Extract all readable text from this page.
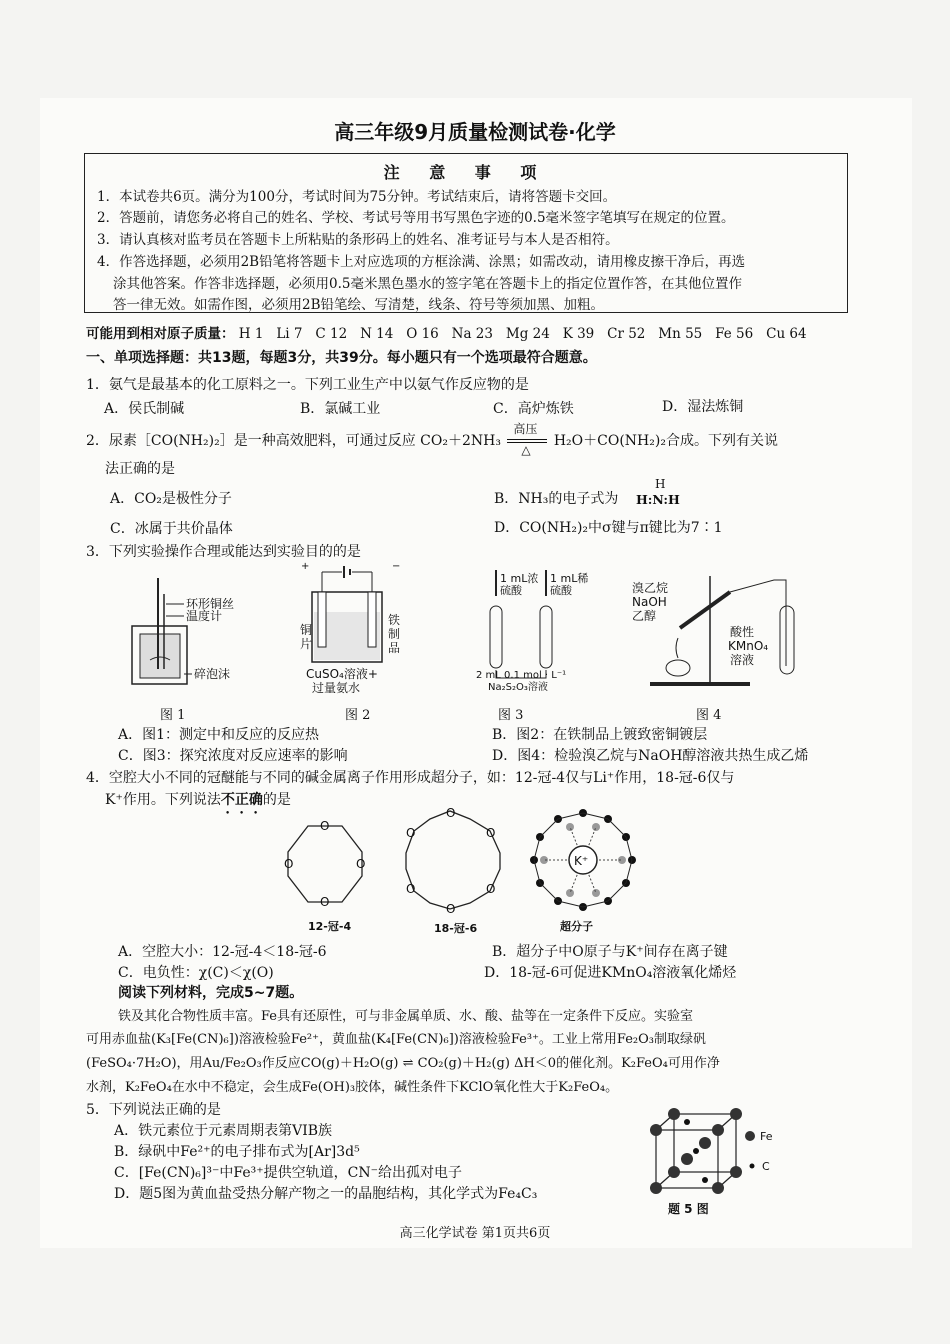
高三年级9月质量检测试卷·化学
注 意 事 项
1．本试卷共6页。满分为100分，考试时间为75分钟。考试结束后，请将答题卡交回。
2．答题前，请您务必将自己的姓名、学校、考试号等用书写黑色字迹的0.5毫米签字笔填写在规定的位置。
3．请认真核对监考员在答题卡上所粘贴的条形码上的姓名、准考证号与本人是否相符。
4．作答选择题，必须用2B铅笔将答题卡上对应选项的方框涂满、涂黑；如需改动，请用橡皮擦干净后，再选
涂其他答案。作答非选择题，必须用0.5毫米黑色墨水的签字笔在答题卡上的指定位置作答，在其他位置作
答一律无效。如需作图，必须用2B铅笔绘、写清楚，线条、符号等须加黑、加粗。
可能用到相对原子质量： H 1 Li 7 C 12 N 14 O 16 Na 23 Mg 24 K 39 Cr 52 Mn 55 Fe 56 Cu 64
一、单项选择题：共13题，每题3分，共39分。每小题只有一个选项最符合题意。
1．氨气是最基本的化工原料之一。下列工业生产中以氨气作反应物的是
A．侯氏制碱	B．氯碱工业	C．高炉炼铁	D．湿法炼铜
2．尿素［CO(NH₂)₂］是一种高效肥料，可通过反应 CO₂＋2NH₃
高压
△
H₂O＋CO(NH₂)₂合成。下列有关说
法正确的是
A．CO₂是极性分子	B．NH₃的电子式为
H
H:N:H
C．冰属于共价晶体	D．CO(NH₂)₂中σ键与π键比为7∶1
3．下列实验操作合理或能达到实验目的的是
环形铜丝
温度计
碎泡沫
图 1
+	−
铜
片
铁
制
品
CuSO₄溶液+
过量氨水
图 2
1 mL浓
硫酸
1 mL稀
硫酸
2 mL 0.1 mol · L⁻¹
Na₂S₂O₃溶液
图 3
溴乙烷
NaOH
乙醇
酸性
KMnO₄
溶液
图 4
A．图1：测定中和反应的反应热	B．图2：在铁制品上镀致密铜镀层
C．图3：探究浓度对反应速率的影响	D．图4：检验溴乙烷与NaOH醇溶液共热生成乙烯
4．空腔大小不同的冠醚能与不同的碱金属离子作用形成超分子，如：12-冠-4仅与Li⁺作用，18-冠-6仅与
K⁺作用。下列说法不正确的是
O
O
O	O
12-冠-4
O
O
O
O
O
O
18-冠-6
K⁺
超分子
A．空腔大小：12-冠-4＜18-冠-6	B．超分子中O原子与K⁺间存在离子键
C．电负性：χ(C)＜χ(O)	D．18-冠-6可促进KMnO₄溶液氧化烯烃
阅读下列材料，完成5~7题。
铁及其化合物性质丰富。Fe具有还原性，可与非金属单质、水、酸、盐等在一定条件下反应。实验室
可用赤血盐(K₃[Fe(CN)₆])溶液检验Fe²⁺，黄血盐(K₄[Fe(CN)₆])溶液检验Fe³⁺。工业上常用Fe₂O₃制取绿矾
(FeSO₄·7H₂O)，用Au/Fe₂O₃作反应CO(g)＋H₂O(g) ⇌ CO₂(g)＋H₂(g) ΔH＜0的催化剂。K₂FeO₄可用作净
水剂，K₂FeO₄在水中不稳定，会生成Fe(OH)₃胶体，碱性条件下KClO氧化性大于K₂FeO₄。
5．下列说法正确的是
A．铁元素位于元素周期表第VIB族
B．绿矾中Fe²⁺的电子排布式为[Ar]3d⁵
C．[Fe(CN)₆]³⁻中Fe³⁺提供空轨道，CN⁻给出孤对电子
D．题5图为黄血盐受热分解产物之一的晶胞结构，其化学式为Fe₄C₃
Fe
C
题 5 图
高三化学试卷 第1页共6页
